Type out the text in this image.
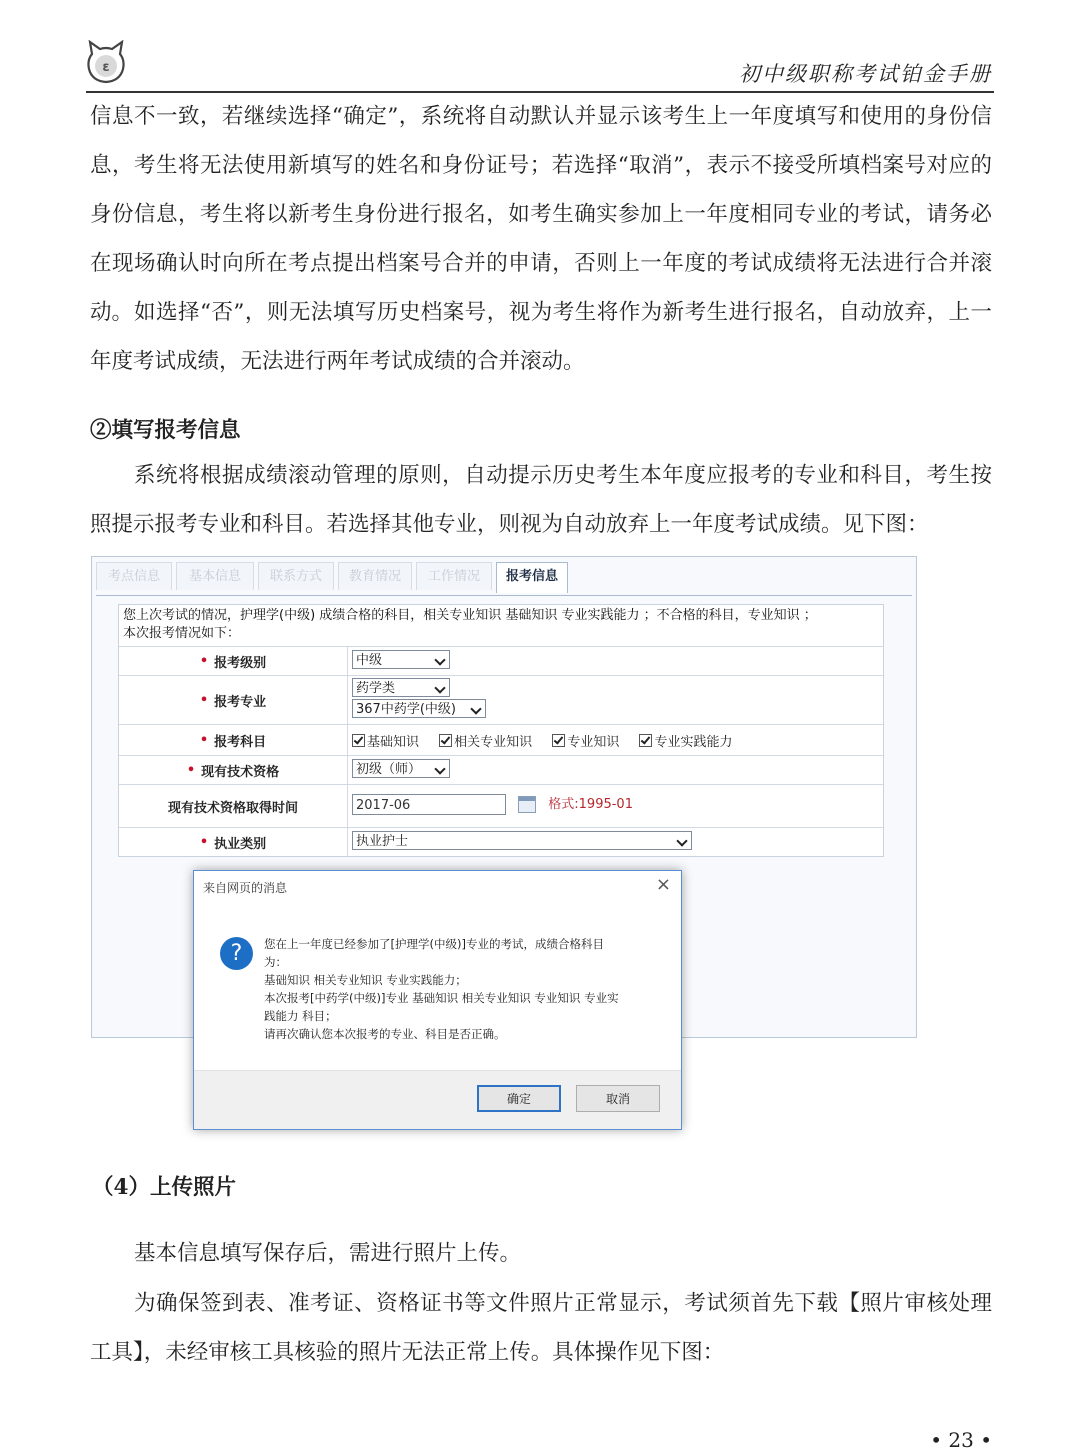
ε	初中级职称考试铂金手册

信息不一致，若继续选择“确定”，系统将自动默认并显示该考生上一年度填写和使用的身份信息，考生将无法使用新填写的姓名和身份证号；若选择“取消”，表示不接受所填档案号对应的身份信息，考生将以新考生身份进行报名，如考生确实参加上一年度相同专业的考试，请务必在现场确认时向所在考点提出档案号合并的申请，否则上一年度的考试成绩将无法进行合并滚动。 如选择“否”，则无法填写历史档案号，视为考生将作为新考生进行报名，自动放弃，上一年度考试成绩，无法进行两年考试成绩的合并滚动。

②填写报考信息

系统将根据成绩滚动管理的原则，自动提示历史考生本年度应报考的专业和科目，考生按照提示报考专业和科目。若选择其他专业，则视为自动放弃上一年度考试成绩。见下图：

考点信息	基本信息	联系方式	教育情况	工作情况	报考信息
您上次考试的情况，护理学(中级) 成绩合格的科目，相关专业知识 基础知识 专业实践能力 ；不合格的科目，专业知识 ；
本次报考情况如下：
• 报考级别	中级
• 报考专业
药学类
367中药学(中级)
• 报考科目	基础知识	相关专业知识	专业知识	专业实践能力
• 现有技术资格	初级（师）
现有技术资格取得时间	2017-06	格式:1995-01
• 执业类别	执业护士
来自网页的消息	×
?	您在上一年度已经参加了[护理学(中级)]专业的考试，成绩合格科目
为：
基础知识 相关专业知识 专业实践能力；
本次报考[中药学(中级)]专业 基础知识 相关专业知识 专业知识 专业实
践能力 科目；
请再次确认您本次报考的专业、科目是否正确。
确定	取消
（4）上传照片

基本信息填写保存后，需进行照片上传。

为确保签到表、准考证、资格证书等文件照片正常显示，考试须首先下载【照片审核处理工具】，未经审核工具核验的照片无法正常上传。具体操作见下图：

• 23 •
